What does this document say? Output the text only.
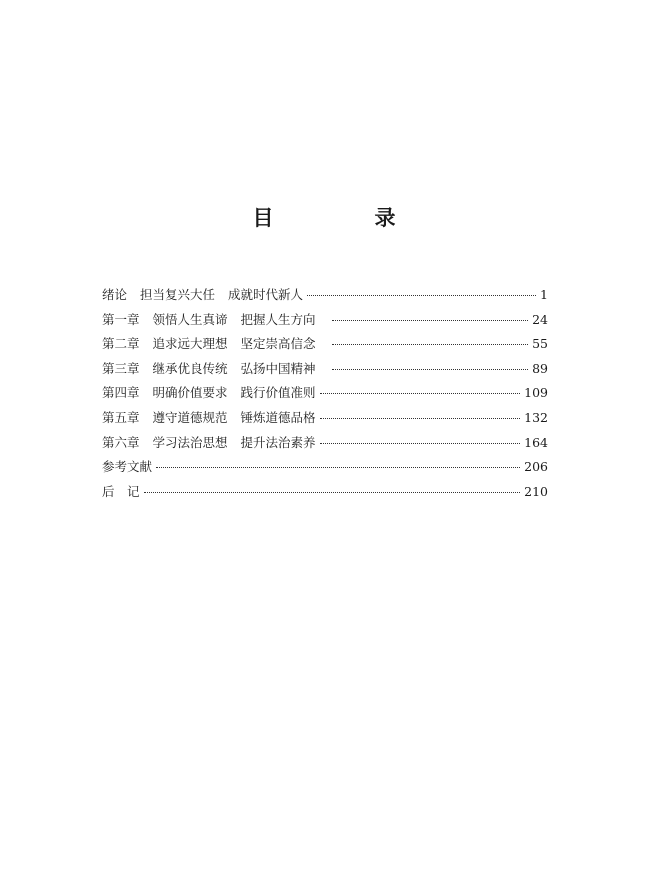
目　录
绪论 担当复兴大任 成就时代新人	1
第一章 领悟人生真谛 把握人生方向	24
第二章 追求远大理想 坚定崇高信念	55
第三章 继承优良传统 弘扬中国精神	89
第四章 明确价值要求 践行价值准则	109
第五章 遵守道德规范 锤炼道德品格	132
第六章 学习法治思想 提升法治素养	164
参考文献	206
后　记	210
